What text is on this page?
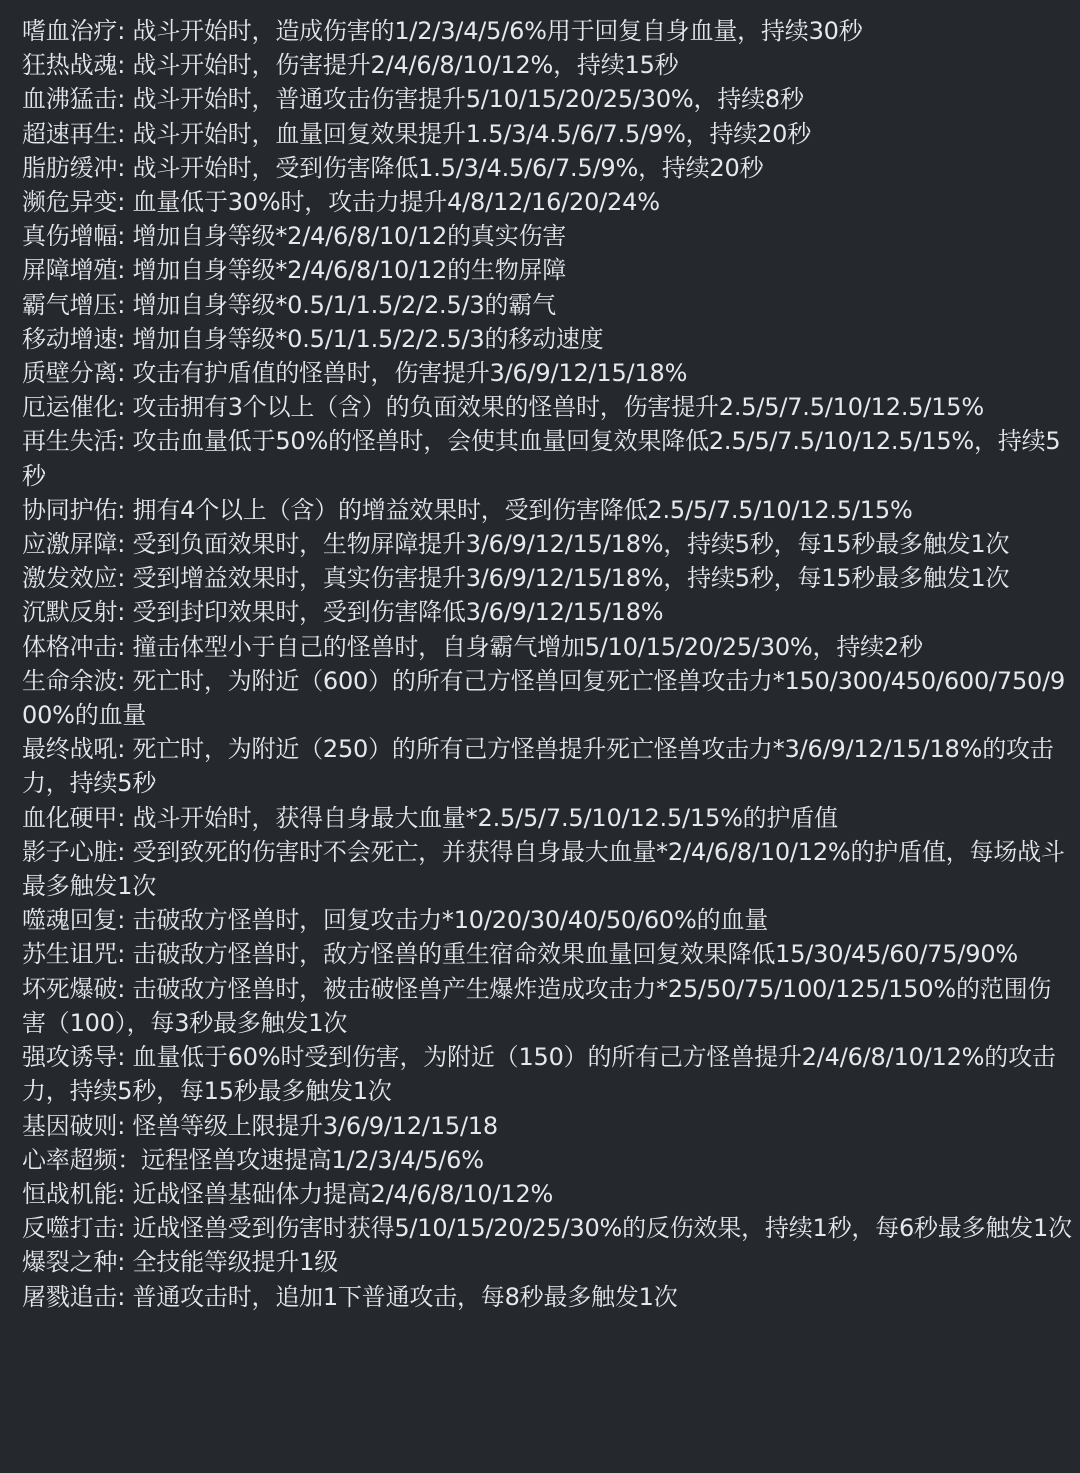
嗜血治疗: 战斗开始时，造成伤害的1/2/3/4/5/6%用于回复自身血量，持续30秒
狂热战魂: 战斗开始时，伤害提升2/4/6/8/10/12%，持续15秒
血沸猛击: 战斗开始时，普通攻击伤害提升5/10/15/20/25/30%，持续8秒
超速再生: 战斗开始时，血量回复效果提升1.5/3/4.5/6/7.5/9%，持续20秒
脂肪缓冲: 战斗开始时，受到伤害降低1.5/3/4.5/6/7.5/9%，持续20秒
濒危异变: 血量低于30%时，攻击力提升4/8/12/16/20/24%
真伤增幅: 增加自身等级*2/4/6/8/10/12的真实伤害
屏障增殖: 增加自身等级*2/4/6/8/10/12的生物屏障
霸气增压: 增加自身等级*0.5/1/1.5/2/2.5/3的霸气
移动增速: 增加自身等级*0.5/1/1.5/2/2.5/3的移动速度
质壁分离: 攻击有护盾值的怪兽时，伤害提升3/6/9/12/15/18%
厄运催化: 攻击拥有3个以上（含）的负面效果的怪兽时，伤害提升2.5/5/7.5/10/12.5/15%
再生失活: 攻击血量低于50%的怪兽时，会使其血量回复效果降低2.5/5/7.5/10/12.5/15%，持续5秒
协同护佑: 拥有4个以上（含）的增益效果时，受到伤害降低2.5/5/7.5/10/12.5/15%
应激屏障: 受到负面效果时，生物屏障提升3/6/9/12/15/18%，持续5秒，每15秒最多触发1次
激发效应: 受到增益效果时，真实伤害提升3/6/9/12/15/18%，持续5秒，每15秒最多触发1次
沉默反射: 受到封印效果时，受到伤害降低3/6/9/12/15/18%
体格冲击: 撞击体型小于自己的怪兽时，自身霸气增加5/10/15/20/25/30%，持续2秒
生命余波: 死亡时，为附近（600）的所有己方怪兽回复死亡怪兽攻击力*150/300/450/600/750/900%的血量
最终战吼: 死亡时，为附近（250）的所有己方怪兽提升死亡怪兽攻击力*3/6/9/12/15/18%的攻击力，持续5秒
血化硬甲: 战斗开始时，获得自身最大血量*2.5/5/7.5/10/12.5/15%的护盾值
影子心脏: 受到致死的伤害时不会死亡，并获得自身最大血量*2/4/6/8/10/12%的护盾值，每场战斗最多触发1次
噬魂回复: 击破敌方怪兽时，回复攻击力*10/20/30/40/50/60%的血量
苏生诅咒: 击破敌方怪兽时，敌方怪兽的重生宿命效果血量回复效果降低15/30/45/60/75/90%
坏死爆破: 击破敌方怪兽时，被击破怪兽产生爆炸造成攻击力*25/50/75/100/125/150%的范围伤害（100），每3秒最多触发1次
强攻诱导: 血量低于60%时受到伤害，为附近（150）的所有己方怪兽提升2/4/6/8/10/12%的攻击力，持续5秒，每15秒最多触发1次
基因破则: 怪兽等级上限提升3/6/9/12/15/18
心率超频：远程怪兽攻速提高1/2/3/4/5/6%
恒战机能: 近战怪兽基础体力提高2/4/6/8/10/12%
反噬打击: 近战怪兽受到伤害时获得5/10/15/20/25/30%的反伤效果，持续1秒，每6秒最多触发1次
爆裂之种: 全技能等级提升1级
屠戮追击: 普通攻击时，追加1下普通攻击，每8秒最多触发1次
